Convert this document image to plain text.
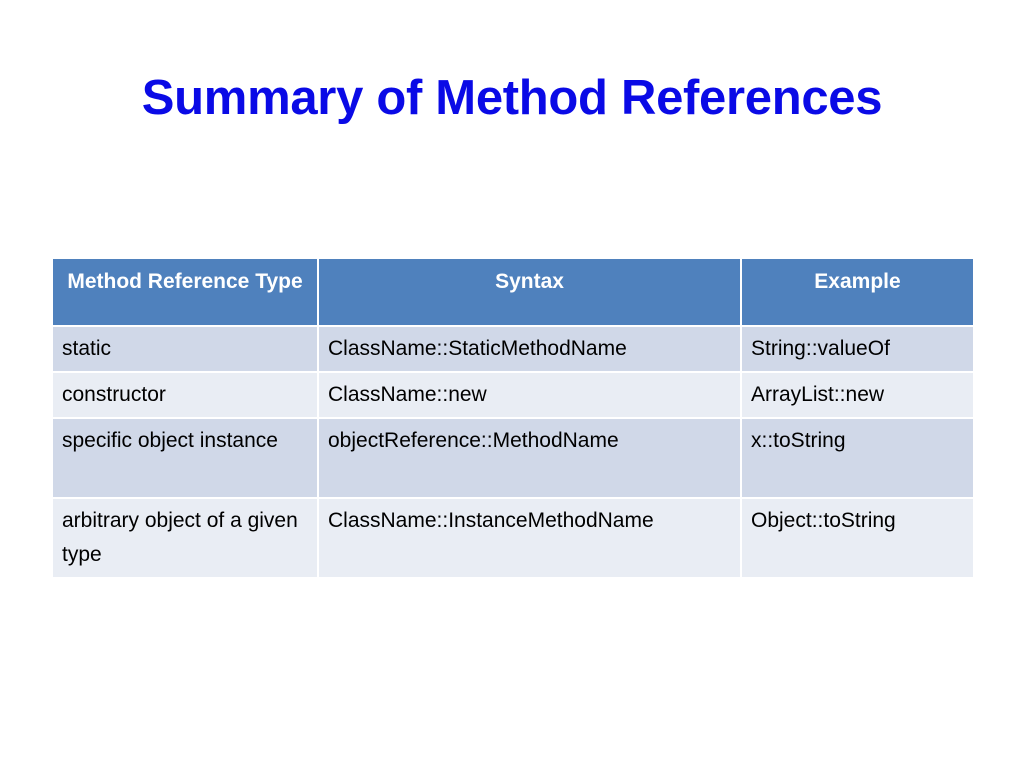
Summary of Method References
Method Reference Type	Syntax	Example
static	ClassName::StaticMethodName	String::valueOf
constructor	ClassName::new	ArrayList::new
specific object instance	objectReference::MethodName	x::toString
arbitrary object of a given type	ClassName::InstanceMethodName	Object::toString
